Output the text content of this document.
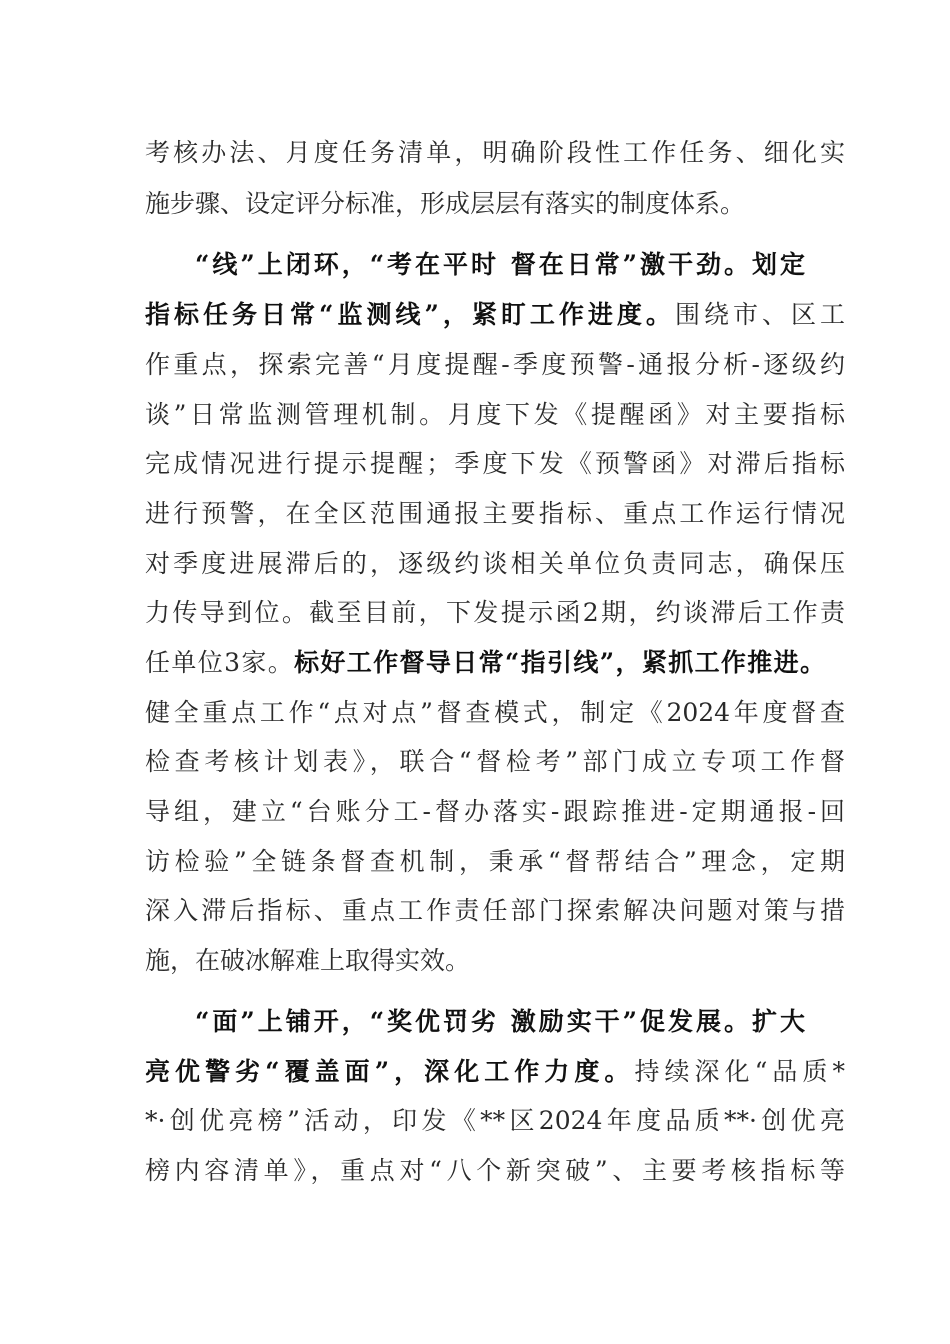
考核办法、月度任务清单，明确阶段性工作任务、细化实
施步骤、设定评分标准，形成层层有落实的制度体系。
“线”上闭环，“考在平时 督在日常”激干劲。划定
指标任务日常“监测线”，紧盯工作进度。围绕市、区工
作重点，探索完善“月度提醒-季度预警-通报分析-逐级约
谈”日常监测管理机制。月度下发《提醒函》对主要指标
完成情况进行提示提醒；季度下发《预警函》对滞后指标
进行预警，在全区范围通报主要指标、重点工作运行情况
对季度进展滞后的，逐级约谈相关单位负责同志，确保压
力传导到位。截至目前，下发提示函2期，约谈滞后工作责
任单位3家。标好工作督导日常“指引线”，紧抓工作推进。
健全重点工作“点对点”督查模式，制定《2024年度督查
检查考核计划表》，联合“督检考”部门成立专项工作督
导组，建立“台账分工-督办落实-跟踪推进-定期通报-回
访检验”全链条督查机制，秉承“督帮结合”理念，定期
深入滞后指标、重点工作责任部门探索解决问题对策与措
施，在破冰解难上取得实效。
“面”上铺开，“奖优罚劣 激励实干”促发展。扩大
亮优警劣“覆盖面”，深化工作力度。持续深化“品质*
*·创优亮榜”活动，印发《**区2024年度品质**·创优亮
榜内容清单》，重点对“八个新突破”、主要考核指标等
